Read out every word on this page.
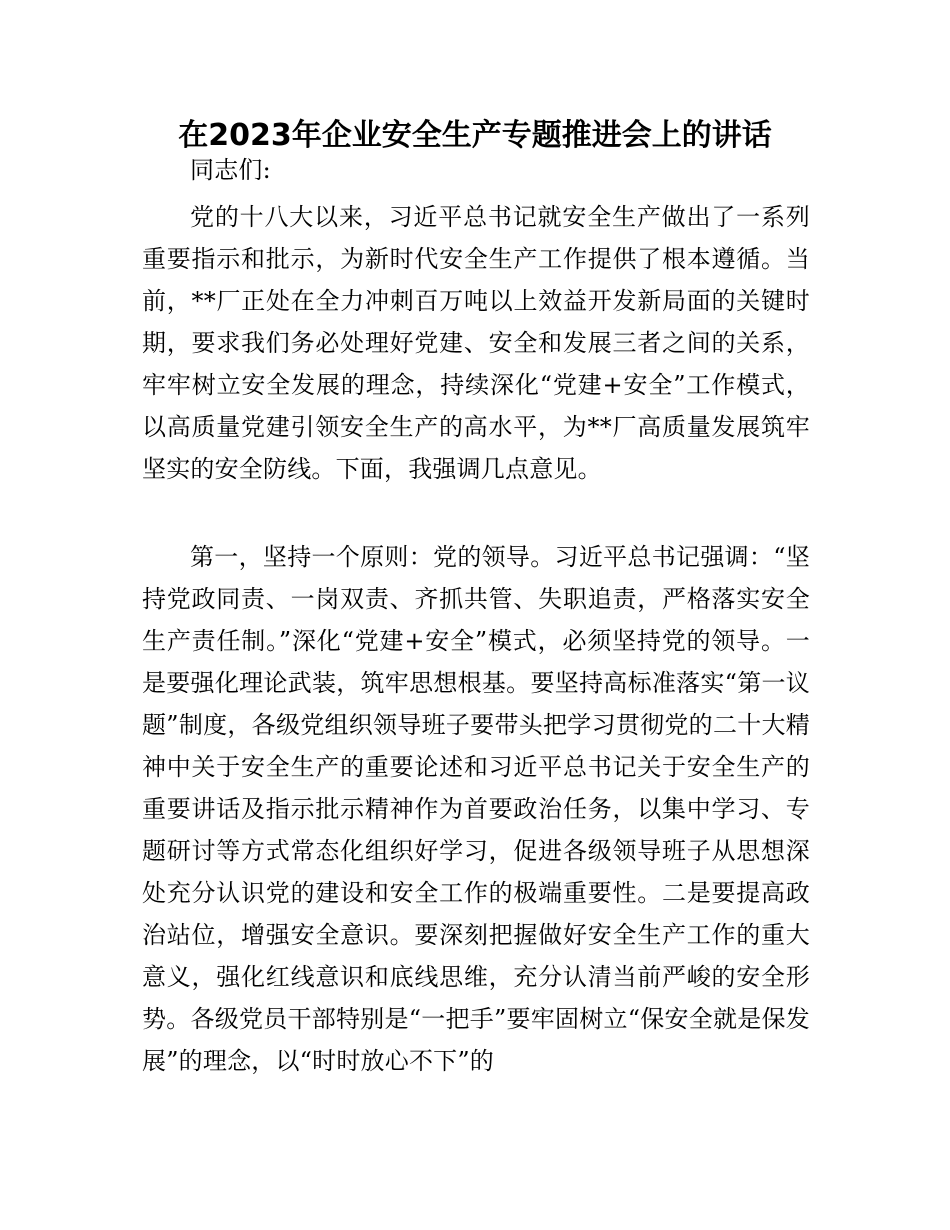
在2023年企业安全生产专题推进会上的讲话

同志们:

党的十八大以来，习近平总书记就安全生产做出了一系列重要指示和批示，为新时代安全生产工作提供了根本遵循。当前，**厂正处在全力冲刺百万吨以上效益开发新局面的关键时期，要求我们务必处理好党建、安全和发展三者之间的关系，牢牢树立安全发展的理念，持续深化“党建+安全”工作模式，以高质量党建引领安全生产的高水平，为**厂高质量发展筑牢坚实的安全防线。下面，我强调几点意见。

第一，坚持一个原则：党的领导。习近平总书记强调：“坚持党政同责、一岗双责、齐抓共管、失职追责，严格落实安全生产责任制。”深化“党建+安全”模式，必须坚持党的领导。一是要强化理论武装，筑牢思想根基。要坚持高标准落实“第一议题”制度，各级党组织领导班子要带头把学习贯彻党的二十大精神中关于安全生产的重要论述和习近平总书记关于安全生产的重要讲话及指示批示精神作为首要政治任务，以集中学习、专题研讨等方式常态化组织好学习，促进各级领导班子从思想深处充分认识党的建设和安全工作的极端重要性。二是要提高政治站位，增强安全意识。要深刻把握做好安全生产工作的重大意义，强化红线意识和底线思维，充分认清当前严峻的安全形势。各级党员干部特别是“一把手”要牢固树立“保安全就是保发展”的理念，以“时时放心不下”的
